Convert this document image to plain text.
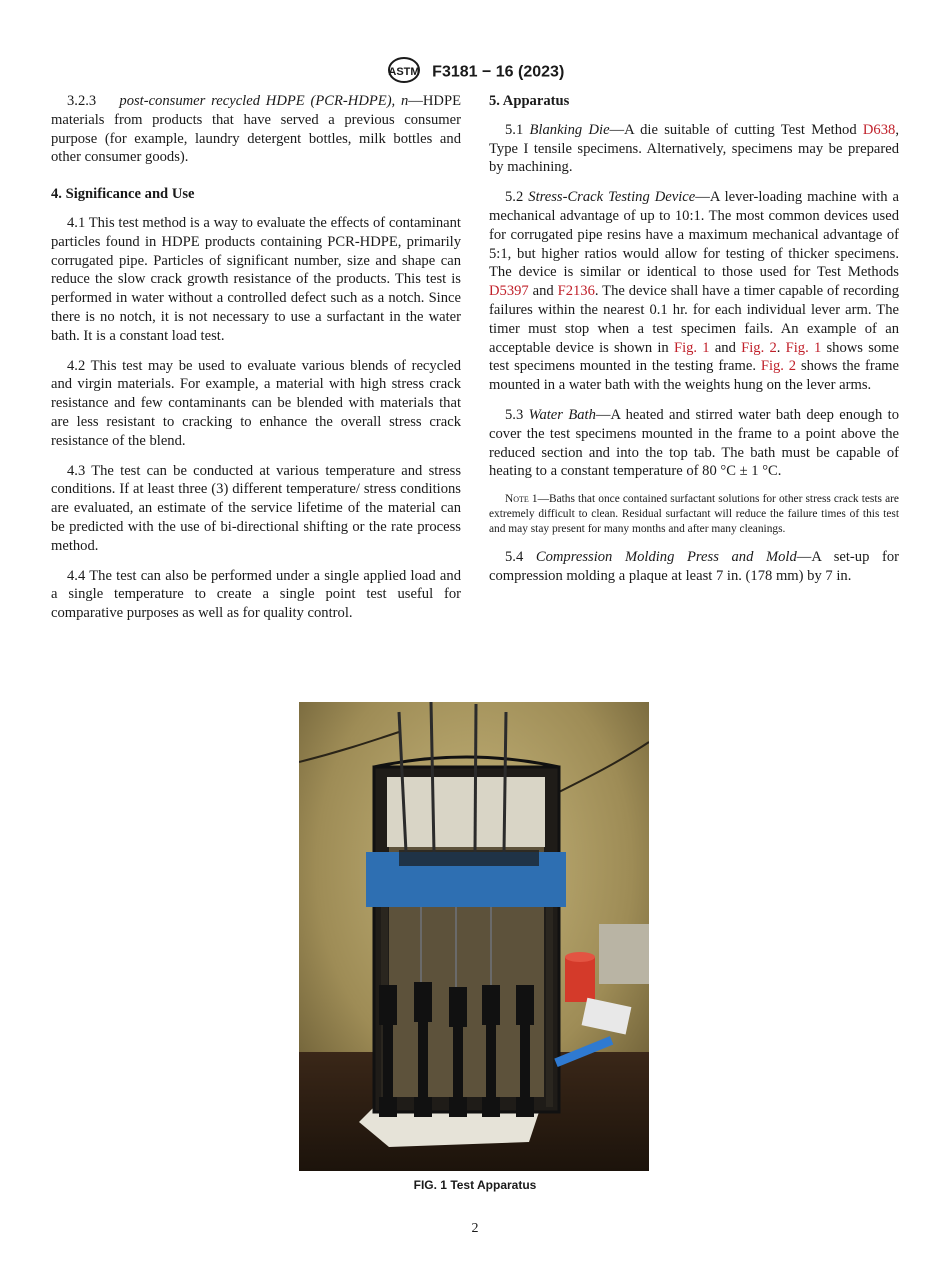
ASTM F3181 − 16 (2023)

3.2.3 post-consumer recycled HDPE (PCR-HDPE), n—HDPE materials from products that have served a previous consumer purpose (for example, laundry detergent bottles, milk bottles and other consumer goods).

4. Significance and Use

4.1 This test method is a way to evaluate the effects of contaminant particles found in HDPE products containing PCR-HDPE, primarily corrugated pipe. Particles of significant number, size and shape can reduce the slow crack growth resistance of the products. This test is performed in water without a controlled defect such as a notch. Since there is no notch, it is not necessary to use a surfactant in the water bath. It is a constant load test.

4.2 This test may be used to evaluate various blends of recycled and virgin materials. For example, a material with high stress crack resistance and few contaminants can be blended with materials that are less resistant to cracking to enhance the overall stress crack resistance of the blend.

4.3 The test can be conducted at various temperature and stress conditions. If at least three (3) different temperature/ stress conditions are evaluated, an estimate of the service lifetime of the material can be predicted with the use of bi-directional shifting or the rate process method.

4.4 The test can also be performed under a single applied load and a single temperature to create a single point test useful for comparative purposes as well as for quality control.

5. Apparatus

5.1 Blanking Die—A die suitable of cutting Test Method D638, Type I tensile specimens. Alternatively, specimens may be prepared by machining.

5.2 Stress-Crack Testing Device—A lever-loading machine with a mechanical advantage of up to 10:1. The most common devices used for corrugated pipe resins have a maximum mechanical advantage of 5:1, but higher ratios would allow for testing of thicker specimens. The device is similar or identical to those used for Test Methods D5397 and F2136. The device shall have a timer capable of recording failures within the nearest 0.1 hr. for each individual lever arm. The timer must stop when a test specimen fails. An example of an acceptable device is shown in Fig. 1 and Fig. 2. Fig. 1 shows some test specimens mounted in the testing frame. Fig. 2 shows the frame mounted in a water bath with the weights hung on the lever arms.

5.3 Water Bath—A heated and stirred water bath deep enough to cover the test specimens mounted in the frame to a point above the reduced section and into the top tab. The bath must be capable of heating to a constant temperature of 80 °C ± 1 °C.

Note 1—Baths that once contained surfactant solutions for other stress crack tests are extremely difficult to clean. Residual surfactant will reduce the failure times of this test and may stay present for many months and after many cleanings.

5.4 Compression Molding Press and Mold—A set-up for compression molding a plaque at least 7 in. (178 mm) by 7 in.

FIG. 1 Test Apparatus
2
